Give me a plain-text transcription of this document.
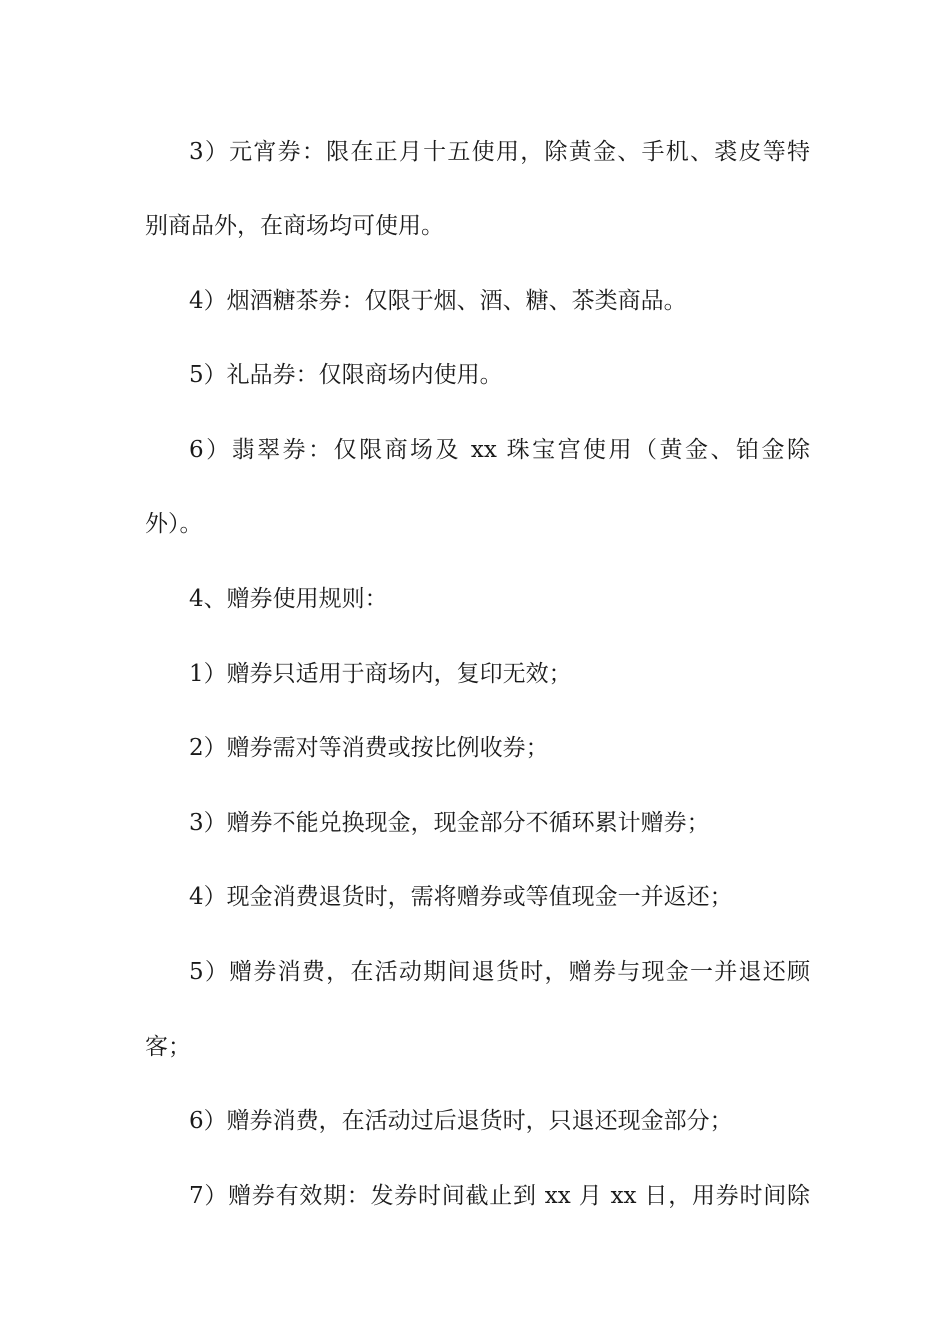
3）元宵券：限在正月十五使用，除黄金、手机、裘皮等特
别商品外，在商场均可使用。
4）烟酒糖茶券：仅限于烟、酒、糖、茶类商品。
5）礼品券：仅限商场内使用。
6）翡翠券：仅限商场及 xx 珠宝宫使用（黄金、铂金除
外）。
4、赠券使用规则：
1）赠券只适用于商场内，复印无效；
2）赠券需对等消费或按比例收券；
3）赠券不能兑换现金，现金部分不循环累计赠券；
4）现金消费退货时，需将赠券或等值现金一并返还；
5）赠券消费，在活动期间退货时，赠券与现金一并退还顾
客；
6）赠券消费，在活动过后退货时，只退还现金部分；
7）赠券有效期：发券时间截止到 xx 月 xx 日，用券时间除
